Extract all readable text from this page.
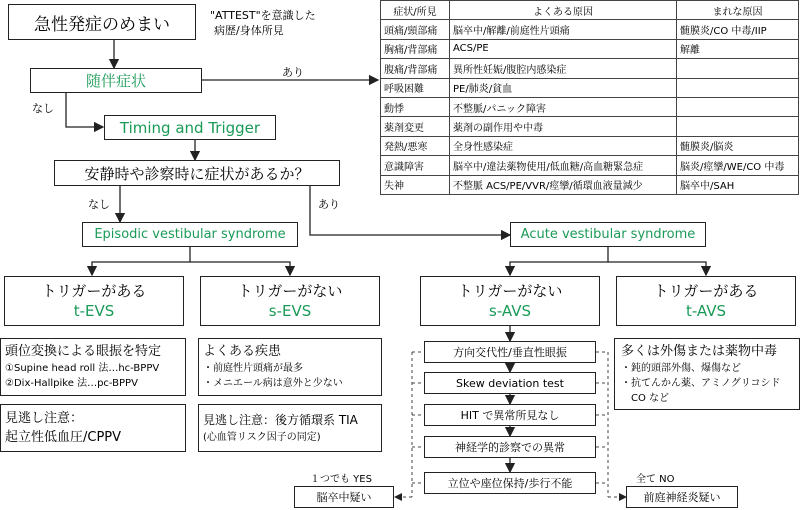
急性発症のめまい	"ATTEST"を意識した
病歴/身体所見
随伴症状	あり
なし
Timing and Trigger
安静時や診察時に症状があるか？
なし	あり
Episodic vestibular syndrome	Acute vestibular syndrome
症状/所見	よくある原因	まれな原因
頭痛/頸部痛	脳卒中/解離/前庭性片頭痛	髄膜炎/CO 中毒/IIP
胸痛/背部痛	ACS/PE	解離
腹痛/背部痛	異所性妊娠/腹腔内感染症	
呼吸困難	PE/肺炎/貧血	
動悸	不整脈/パニック障害	
薬剤変更	薬剤の副作用や中毒	
発熱/悪寒	全身性感染症	髄膜炎/脳炎
意識障害	脳卒中/違法薬物使用/低血糖/高血糖緊急症	脳炎/痙攣/WE/CO 中毒
失神	不整脈 ACS/PE/VVR/痙攣/循環血液量減少	脳卒中/SAH
トリガーがある
t-EVS
トリガーがない
s-EVS
トリガーがない
s-AVS
トリガーがある
t-AVS
頭位変換による眼振を特定
①Supine head roll 法…hc-BPPV
②Dix-Hallpike 法…pc-BPPV
見逃し注意：
起立性低血圧/CPPV
よくある疾患
・前庭性片頭痛が最多
・メニエール病は意外と少ない
見逃し注意：後方循環系 TIA
(心血管リスク因子の同定)
方向交代性/垂直性眼振
Skew deviation test
HIT で異常所見なし
神経学的診察での異常
立位や座位保持/歩行不能
多くは外傷または薬物中毒
・鈍的頭部外傷、爆傷など
・抗てんかん薬、アミノグリコシド
　CO など
１つでも YES	全て NO
脳卒中疑い	前庭神経炎疑い
